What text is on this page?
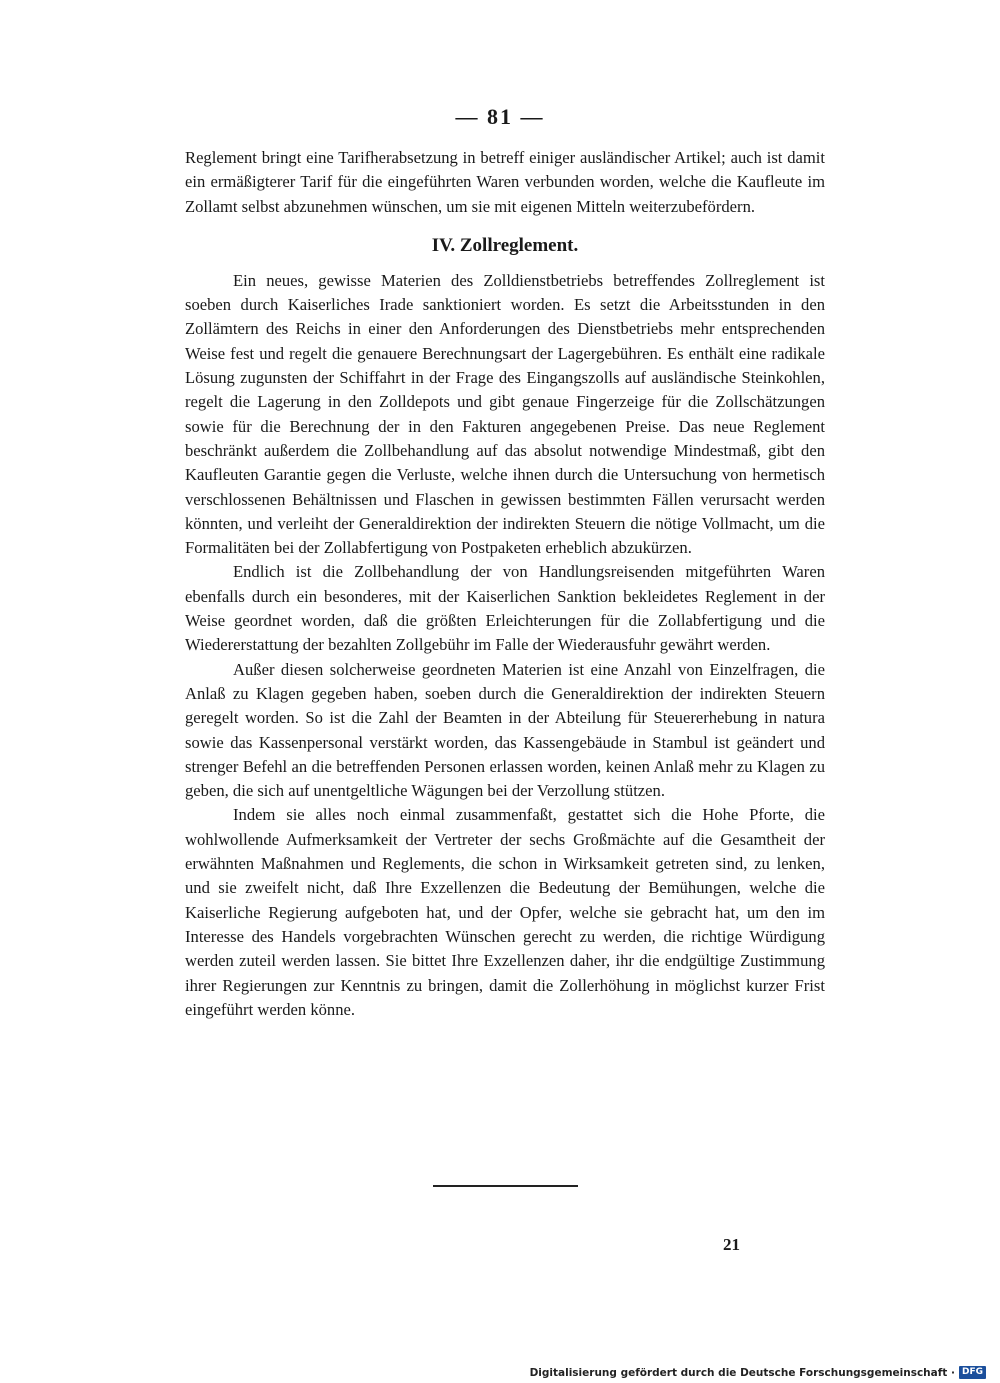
— 81 —

Reglement bringt eine Tarifherabsetzung in betreff einiger ausländischer Artikel; auch ist damit ein ermäßigterer Tarif für die eingeführten Waren verbunden worden, welche die Kaufleute im Zollamt selbst abzunehmen wünschen, um sie mit eigenen Mitteln weiterzubefördern.

IV. Zollreglement.

Ein neues, gewisse Materien des Zolldienstbetriebs betreffendes Zollreglement ist soeben durch Kaiserliches Irade sanktioniert worden. Es setzt die Arbeitsstunden in den Zollämtern des Reichs in einer den Anforderungen des Dienstbetriebs mehr entsprechenden Weise fest und regelt die genauere Berechnungsart der Lagergebühren. Es enthält eine radikale Lösung zugunsten der Schiffahrt in der Frage des Eingangszolls auf ausländische Steinkohlen, regelt die Lagerung in den Zolldepots und gibt genaue Fingerzeige für die Zollschätzungen sowie für die Berechnung der in den Fakturen angegebenen Preise. Das neue Reglement beschränkt außerdem die Zollbehandlung auf das absolut notwendige Mindestmaß, gibt den Kaufleuten Garantie gegen die Verluste, welche ihnen durch die Untersuchung von hermetisch verschlossenen Behältnissen und Flaschen in gewissen bestimmten Fällen verursacht werden könnten, und verleiht der Generaldirektion der indirekten Steuern die nötige Vollmacht, um die Formalitäten bei der Zollabfertigung von Postpaketen erheblich abzukürzen.

Endlich ist die Zollbehandlung der von Handlungsreisenden mitgeführten Waren ebenfalls durch ein besonderes, mit der Kaiserlichen Sanktion bekleidetes Reglement in der Weise geordnet worden, daß die größten Erleichterungen für die Zollabfertigung und die Wiedererstattung der bezahlten Zollgebühr im Falle der Wiederausfuhr gewährt werden.

Außer diesen solcherweise geordneten Materien ist eine Anzahl von Einzelfragen, die Anlaß zu Klagen gegeben haben, soeben durch die Generaldirektion der indirekten Steuern geregelt worden. So ist die Zahl der Beamten in der Abteilung für Steuererhebung in natura sowie das Kassenpersonal verstärkt worden, das Kassengebäude in Stambul ist geändert und strenger Befehl an die betreffenden Personen erlassen worden, keinen Anlaß mehr zu Klagen zu geben, die sich auf unentgeltliche Wägungen bei der Verzollung stützen.

Indem sie alles noch einmal zusammenfaßt, gestattet sich die Hohe Pforte, die wohlwollende Aufmerksamkeit der Vertreter der sechs Großmächte auf die Gesamtheit der erwähnten Maßnahmen und Reglements, die schon in Wirksamkeit getreten sind, zu lenken, und sie zweifelt nicht, daß Ihre Exzellenzen die Bedeutung der Bemühungen, welche die Kaiserliche Regierung aufgeboten hat, und der Opfer, welche sie gebracht hat, um den im Interesse des Handels vorgebrachten Wünschen gerecht zu werden, die richtige Würdigung werden zuteil werden lassen. Sie bittet Ihre Exzellenzen daher, ihr die endgültige Zustimmung ihrer Regierungen zur Kenntnis zu bringen, damit die Zollerhöhung in möglichst kurzer Frist eingeführt werden könne.

21
Digitalisierung gefördert durch die Deutsche Forschungsgemeinschaft · DFG
